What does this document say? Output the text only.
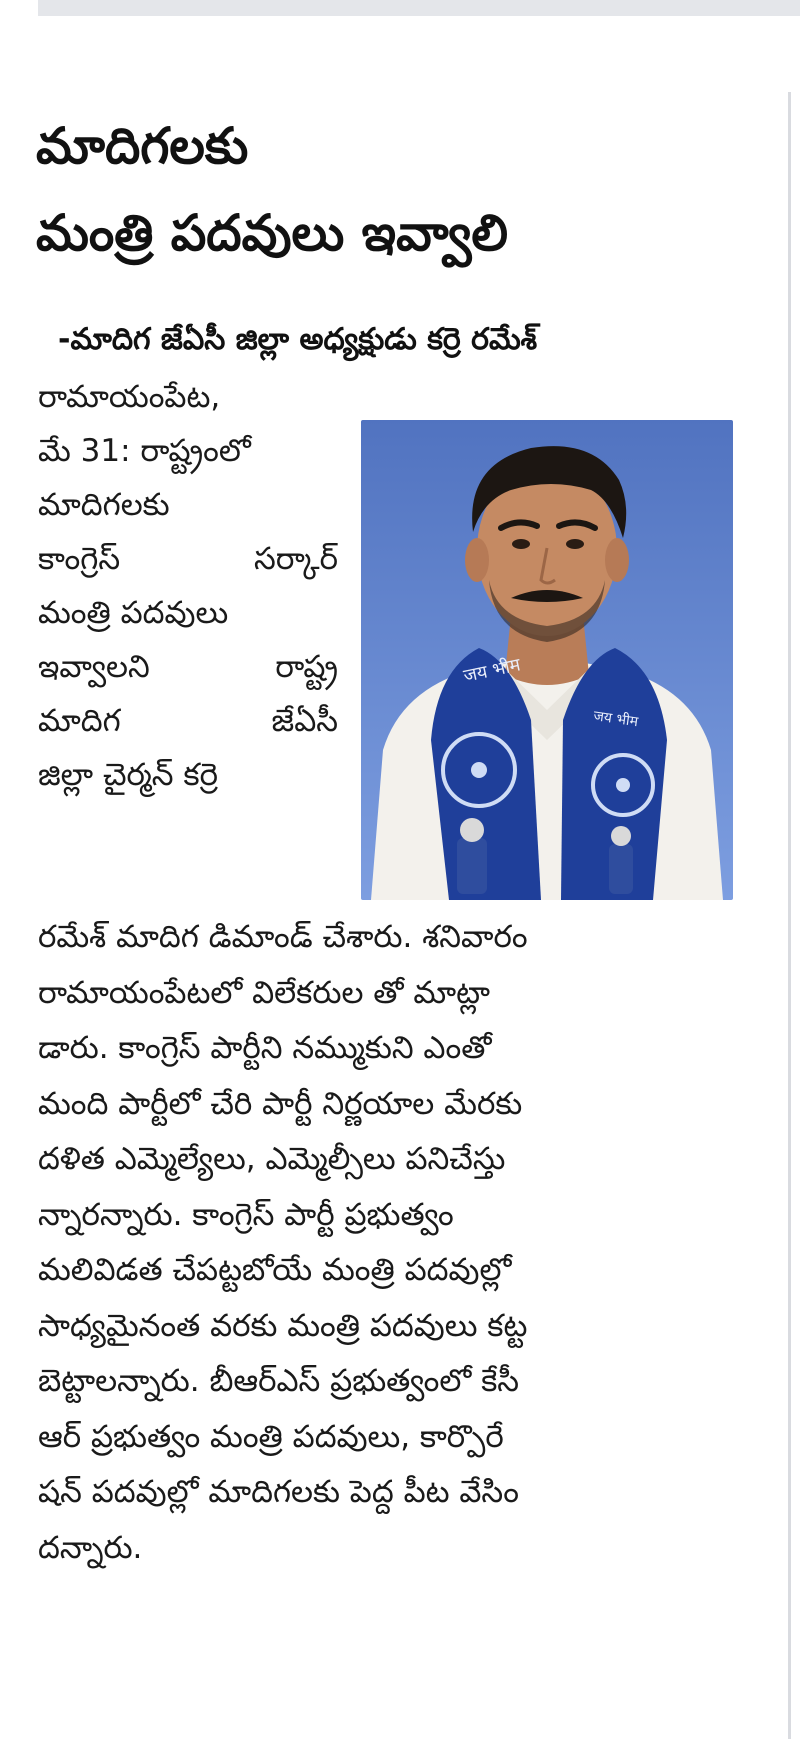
మాదిగలకు
మంత్రి పదవులు ఇవ్వాలి
-మాదిగ జేఏసీ జిల్లా అధ్యక్షుడు కర్రె రమేశ్
రామాయంపేట,
మే 31: రాష్ట్రంలో
మాదిగలకు
కాంగ్రెస్	సర్కార్
మంత్రి పదవులు
ఇవ్వాలని	రాష్ట్ర
మాదిగ	జేఏసీ
జిల్లా చైర్మన్ కర్రె
जय भीम
जय भीम
రమేశ్ మాదిగ డిమాండ్ చేశారు. శనివారం
రామాయంపేటలో విలేకరుల తో మాట్లా
డారు. కాంగ్రెస్ పార్టీని నమ్ముకుని ఎంతో
మంది పార్టీలో చేరి పార్టీ నిర్ణయాల మేరకు
దళిత ఎమ్మెల్యేలు, ఎమ్మెల్సీలు పనిచేస్తు
న్నారన్నారు. కాంగ్రెస్ పార్టీ ప్రభుత్వం
మలివిడత చేపట్టబోయే మంత్రి పదవుల్లో
సాధ్యమైనంత వరకు మంత్రి పదవులు కట్ట
బెట్టాలన్నారు. బీఆర్ఎస్ ప్రభుత్వంలో కేసీ
ఆర్ ప్రభుత్వం మంత్రి పదవులు, కార్పొరే
షన్ పదవుల్లో మాదిగలకు పెద్ద పీట వేసిం
దన్నారు.
